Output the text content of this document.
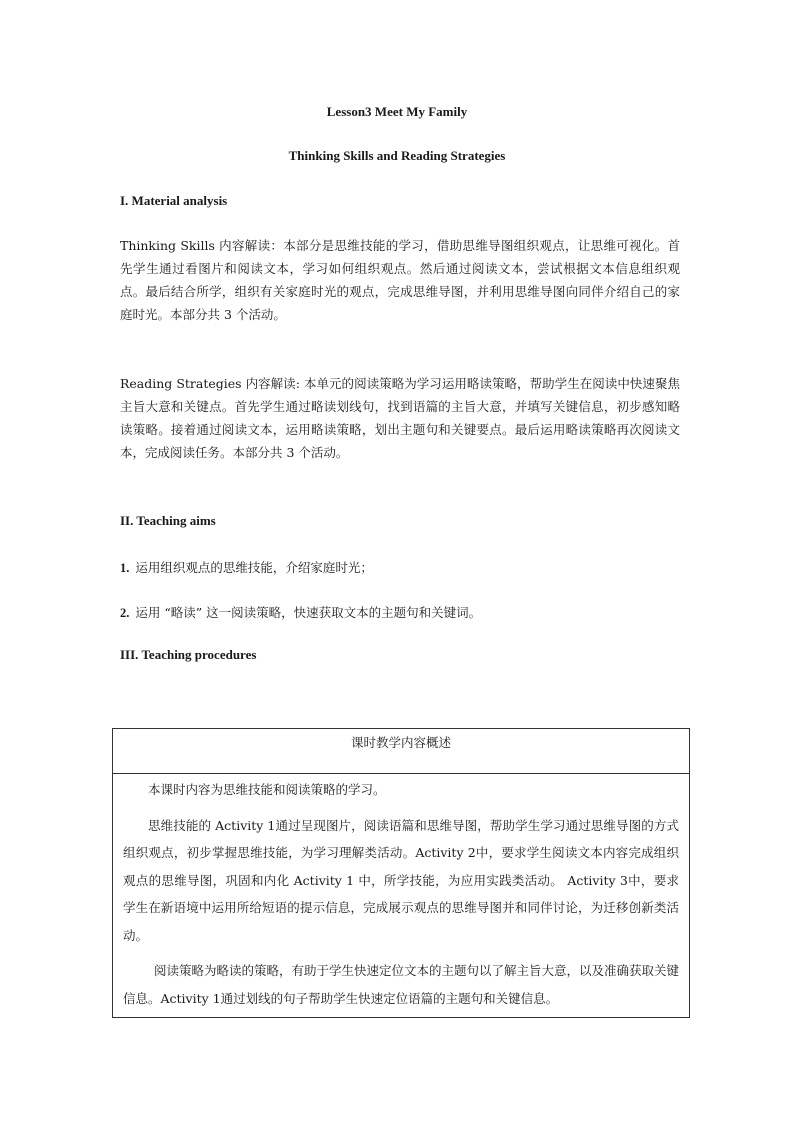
Lesson3 Meet My Family
Thinking Skills and Reading Strategies
I. Material analysis
Thinking Skills 内容解读：本部分是思维技能的学习，借助思维导图组织观点，让思维可视化。首先学生通过看图片和阅读文本，学习如何组织观点。然后通过阅读文本，尝试根据文本信息组织观点。最后结合所学，组织有关家庭时光的观点，完成思维导图，并利用思维导图向同伴介绍自己的家庭时光。本部分共 3 个活动。
Reading Strategies 内容解读: 本单元的阅读策略为学习运用略读策略，帮助学生在阅读中快速聚焦主旨大意和关键点。首先学生通过略读划线句，找到语篇的主旨大意，并填写关键信息，初步感知略读策略。接着通过阅读文本，运用略读策略，划出主题句和关键要点。最后运用略读策略再次阅读文本，完成阅读任务。本部分共 3 个活动。
II. Teaching aims
1. 运用组织观点的思维技能，介绍家庭时光；
2. 运用 “略读” 这一阅读策略，快速获取文本的主题句和关键词。
III. Teaching procedures
课时教学内容概述

本课时内容为思维技能和阅读策略的学习。

思维技能的 Activity 1通过呈现图片，阅读语篇和思维导图，帮助学生学习通过思维导图的方式组织观点，初步掌握思维技能，为学习理解类活动。Activity 2中，要求学生阅读文本内容完成组织观点的思维导图，巩固和内化 Activity 1 中，所学技能，为应用实践类活动。 Activity 3中，要求学生在新语境中运用所给短语的提示信息，完成展示观点的思维导图并和同伴讨论，为迁移创新类活动。

阅读策略为略读的策略，有助于学生快速定位文本的主题句以了解主旨大意，以及准确获取关键信息。Activity 1通过划线的句子帮助学生快速定位语篇的主题句和关键信息。
